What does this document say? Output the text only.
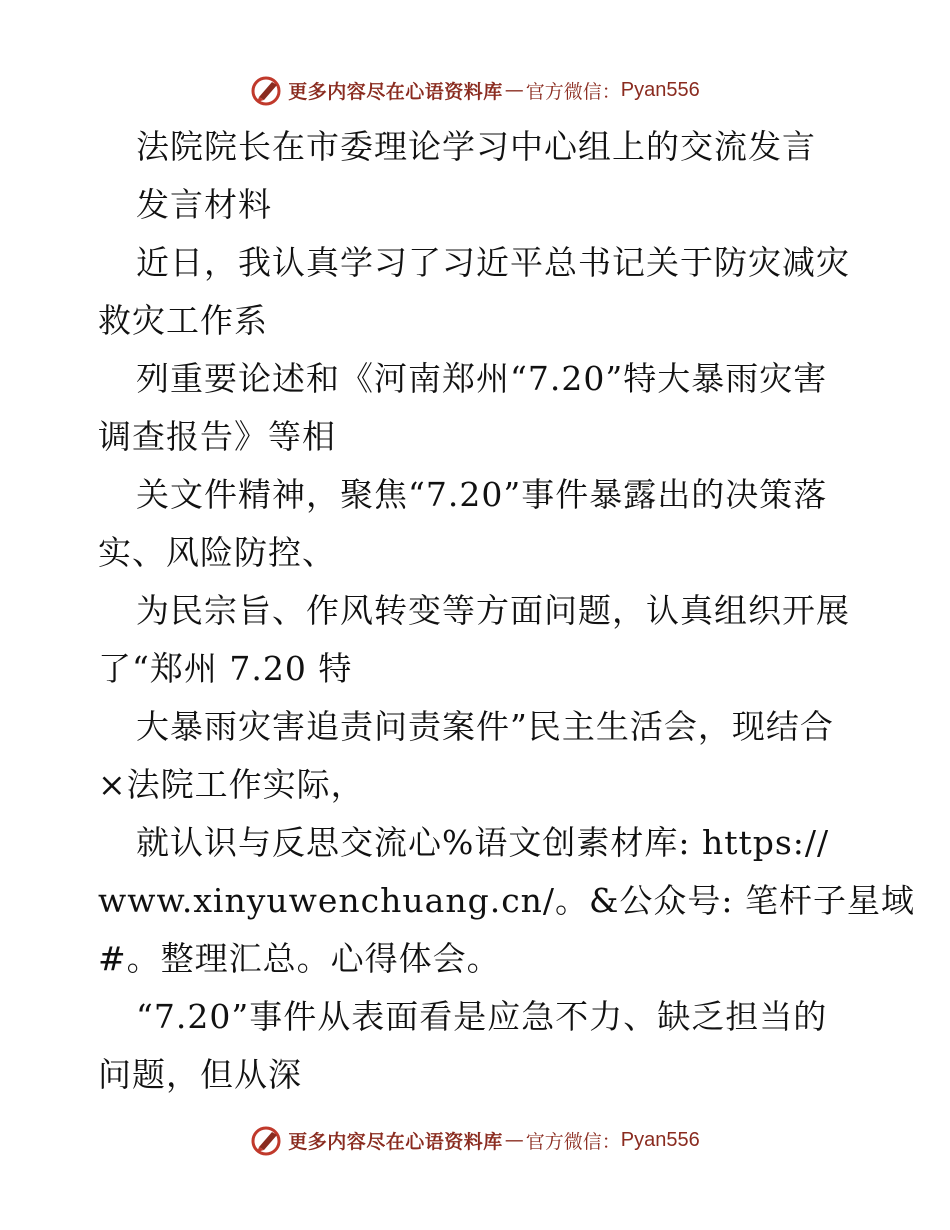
更多内容尽在心语资料库 — 官方微信： Pyan556
法院院长在市委理论学习中心组上的交流发言
发言材料
近日，我认真学习了习近平总书记关于防灾减灾
救灾工作系
列重要论述和《河南郑州“7.20”特大暴雨灾害
调查报告》等相
关文件精神，聚焦“7.20”事件暴露出的决策落
实、风险防控、
为民宗旨、作风转变等方面问题，认真组织开展
了“郑州 7.20 特
大暴雨灾害追责问责案件”民主生活会，现结合
×法院工作实际，
就认识与反思交流心%语文创素材库: https://
www.xinyuwenchuang.cn/。&公众号: 笔杆子星域
#。整理汇总。心得体会。
“7.20”事件从表面看是应急不力、缺乏担当的
问题，但从深
更多内容尽在心语资料库 — 官方微信： Pyan556
